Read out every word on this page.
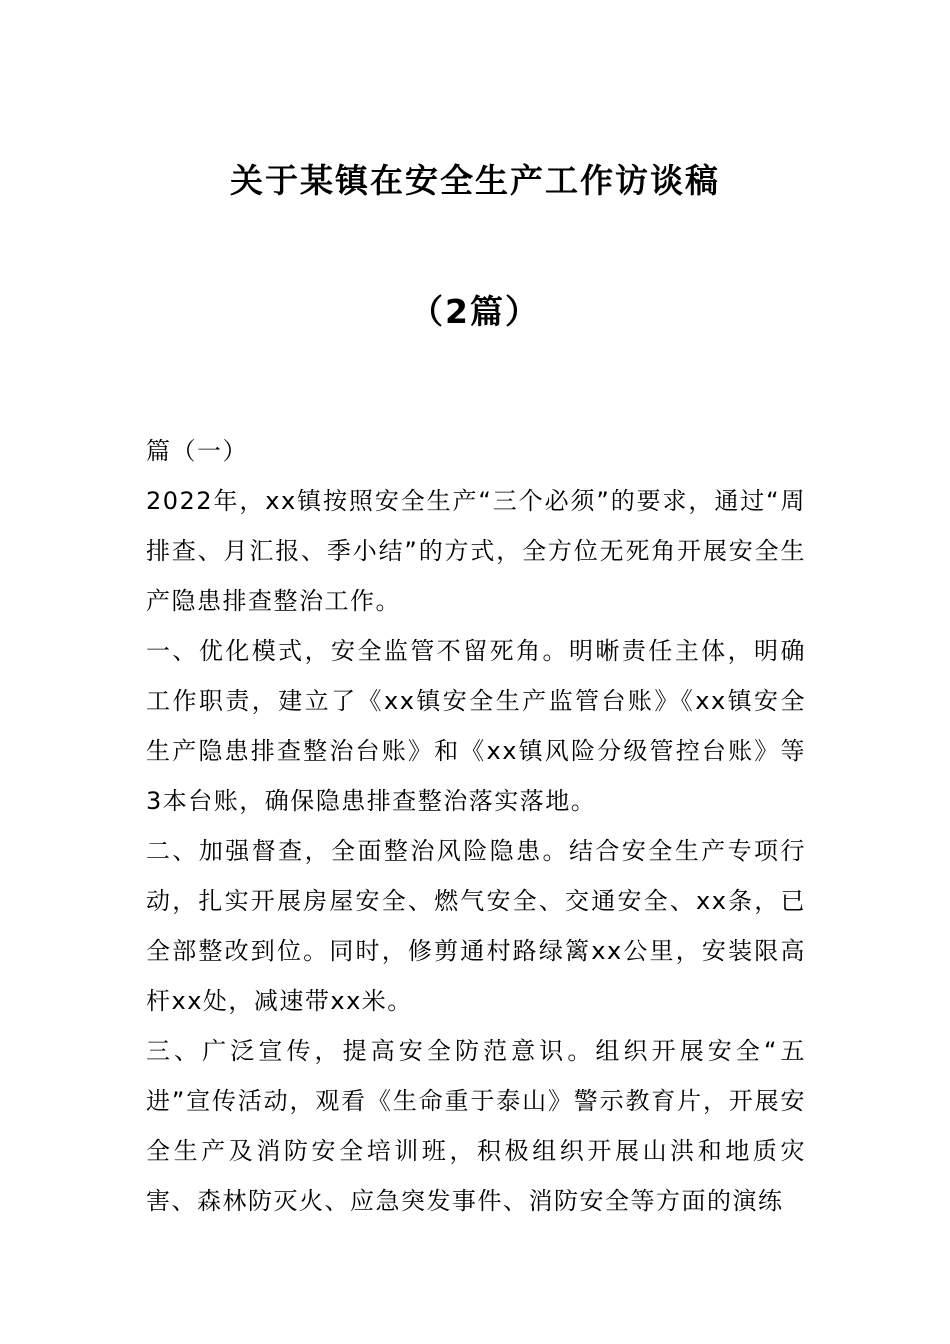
关于某镇在安全生产工作访谈稿
（2篇）

篇（一）

2022年，xx镇按照安全生产“三个必须”的要求，通过“周排查、月汇报、季小结”的方式，全方位无死角开展安全生产隐患排查整治工作。

一、优化模式，安全监管不留死角。明晰责任主体，明确工作职责，建立了《xx镇安全生产监管台账》《xx镇安全生产隐患排查整治台账》和《xx镇风险分级管控台账》等3本台账，确保隐患排查整治落实落地。

二、加强督查，全面整治风险隐患。结合安全生产专项行动，扎实开展房屋安全、燃气安全、交通安全、xx条，已全部整改到位。同时，修剪通村路绿篱xx公里，安装限高杆xx处，减速带xx米。

三、广泛宣传，提高安全防范意识。组织开展安全“五进”宣传活动，观看《生命重于泰山》警示教育片，开展安全生产及消防安全培训班，积极组织开展山洪和地质灾害、森林防灭火、应急突发事件、消防安全等方面的演练
